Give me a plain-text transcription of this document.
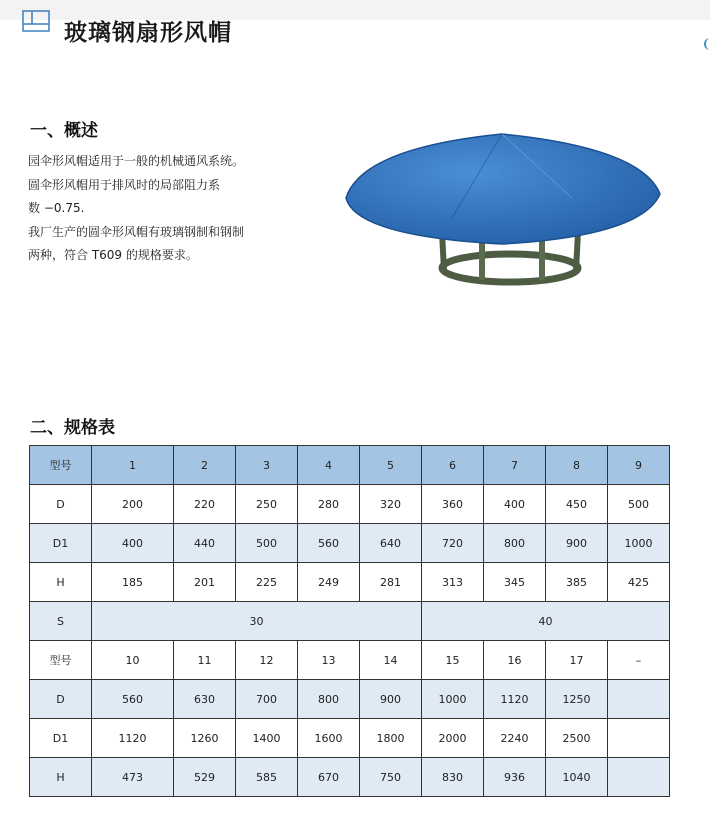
玻璃钢扇形风帽
一、概述
园伞形风帽适用于一般的机械通风系统。
圆伞形风帽用于排风时的局部阻力系
数 −0.75.
我厂生产的圆伞形风帽有玻璃钢制和钢制
两种，符合 T609 的规格要求。
二、规格表
型号	1	2	3	4	5	6	7	8	9
D	200	220	250	280	320	360	400	450	500
D1	400	440	500	560	640	720	800	900	1000
H	185	201	225	249	281	313	345	385	425
S	30					40			
型号	10	11	12	13	14	15	16	17	–
D	560	630	700	800	900	1000	1120	1250	
D1	1120	1260	1400	1600	1800	2000	2240	2500	
H	473	529	585	670	750	830	936	1040	
